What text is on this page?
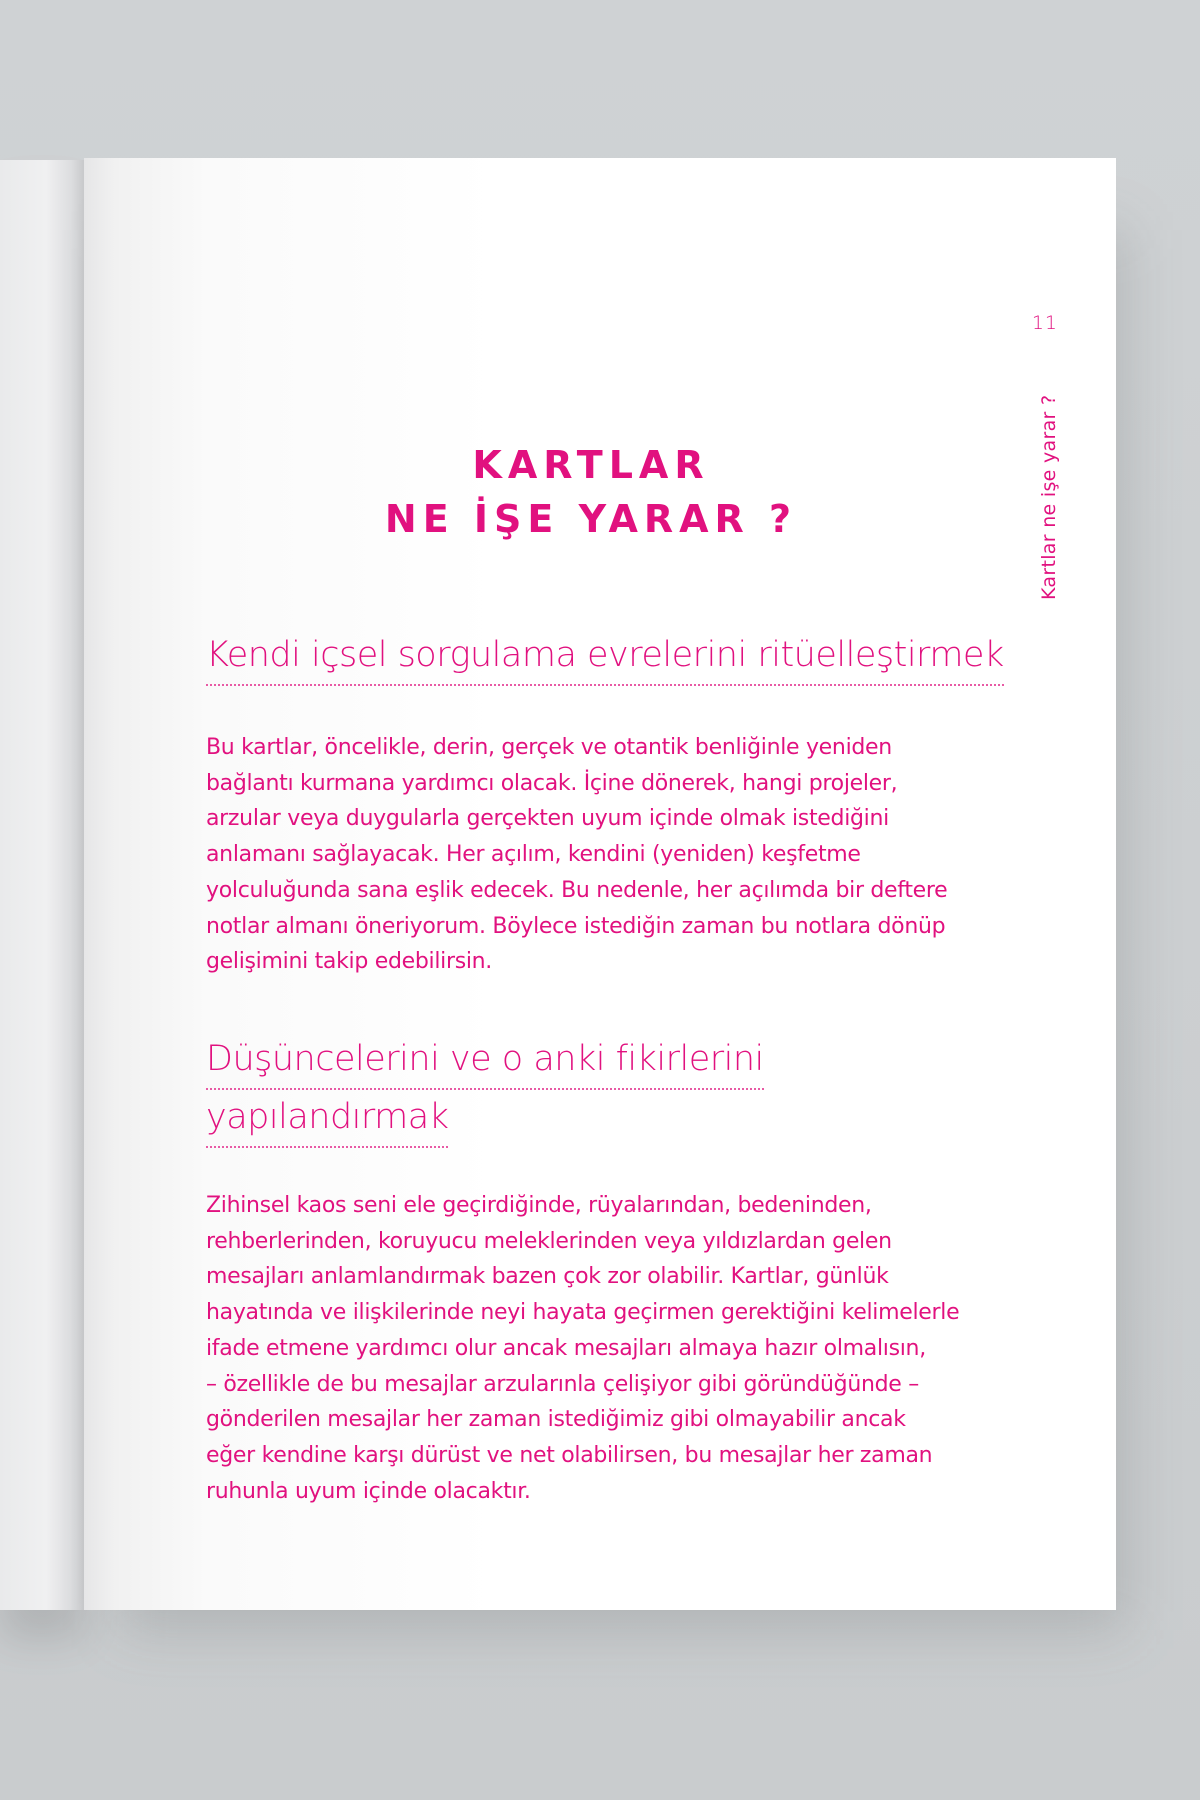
11
Kartlar ne işe yarar ?
KARTLAR
NE İŞE YARAR ?
Kendi içsel sorgulama evrelerini ritüelleştirmek
Bu kartlar, öncelikle, derin, gerçek ve otantik benliğinle yeniden
bağlantı kurmana yardımcı olacak. İçine dönerek, hangi projeler,
arzular veya duygularla gerçekten uyum içinde olmak istediğini
anlamanı sağlayacak. Her açılım, kendini (yeniden) keşfetme
yolculuğunda sana eşlik edecek. Bu nedenle, her açılımda bir deftere
notlar almanı öneriyorum. Böylece istediğin zaman bu notlara dönüp
gelişimini takip edebilirsin.
Düşüncelerini ve o anki fikirlerini
yapılandırmak
Zihinsel kaos seni ele geçirdiğinde, rüyalarından, bedeninden,
rehberlerinden, koruyucu meleklerinden veya yıldızlardan gelen
mesajları anlamlandırmak bazen çok zor olabilir. Kartlar, günlük
hayatında ve ilişkilerinde neyi hayata geçirmen gerektiğini kelimelerle
ifade etmene yardımcı olur ancak mesajları almaya hazır olmalısın,
– özellikle de bu mesajlar arzularınla çelişiyor gibi göründüğünde –
gönderilen mesajlar her zaman istediğimiz gibi olmayabilir ancak
eğer kendine karşı dürüst ve net olabilirsen, bu mesajlar her zaman
ruhunla uyum içinde olacaktır.
